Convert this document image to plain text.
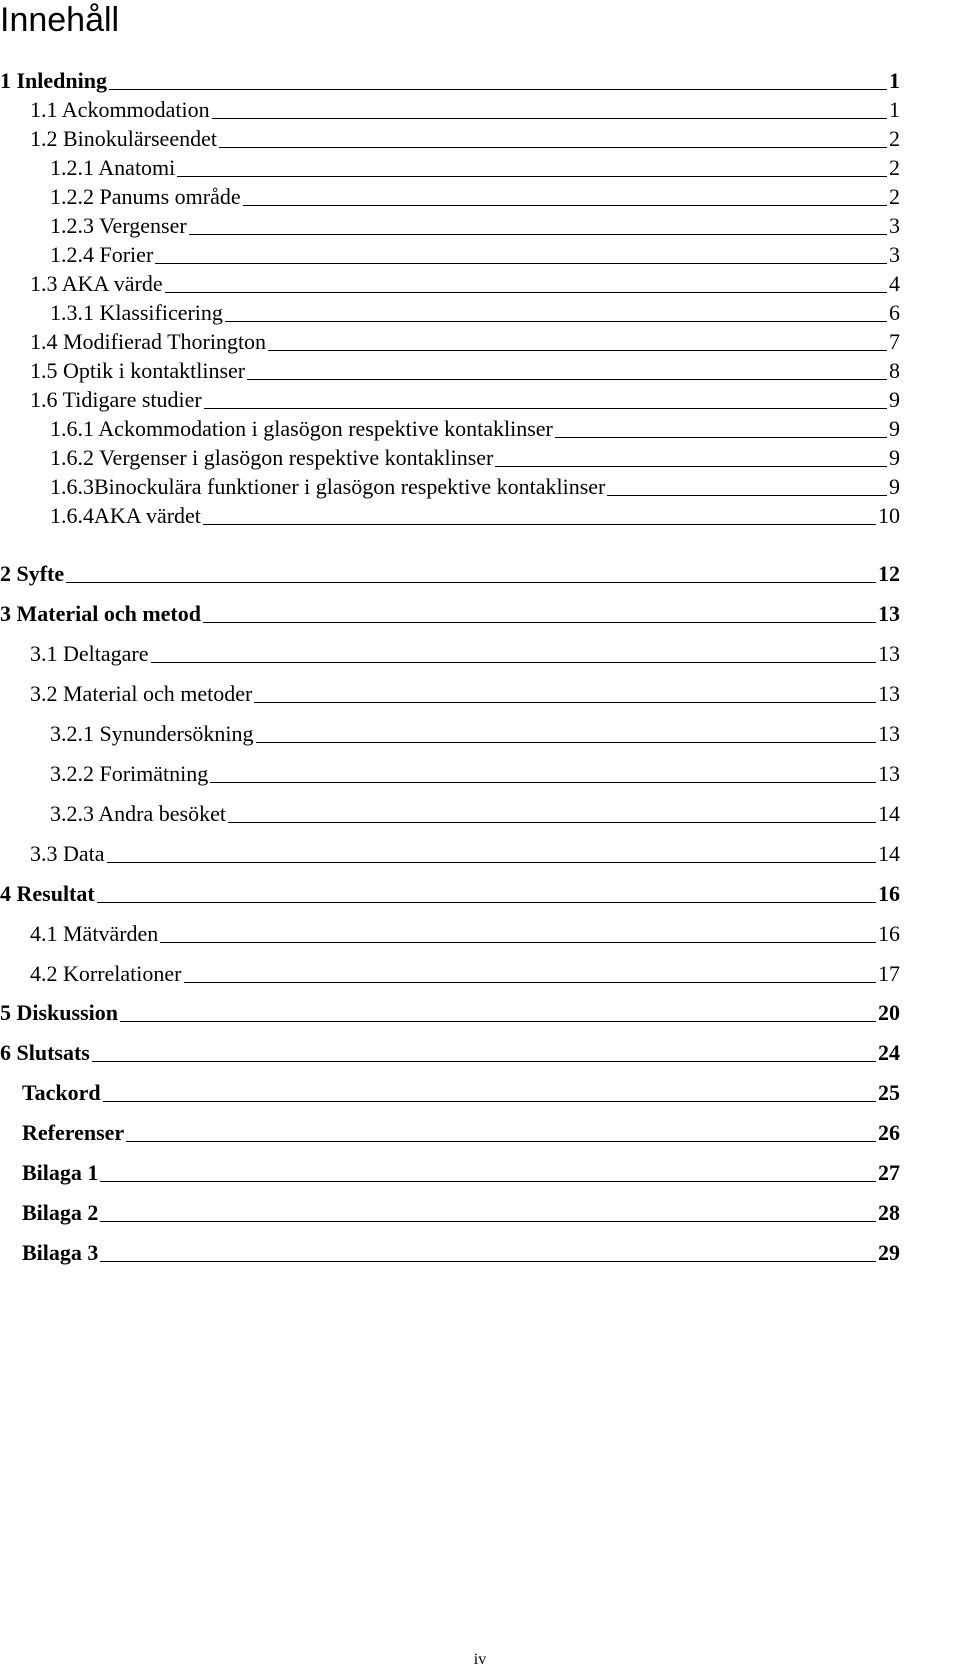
Innehåll
1 Inledning	1
1.1 Ackommodation	1
1.2 Binokulärseendet	2
1.2.1 Anatomi	2
1.2.2 Panums område	2
1.2.3 Vergenser	3
1.2.4 Forier	3
1.3 AKA värde	4
1.3.1 Klassificering	6
1.4 Modifierad Thorington	7
1.5 Optik i kontaktlinser	8
1.6 Tidigare studier	9
1.6.1 Ackommodation i glasögon respektive kontaklinser	9
1.6.2 Vergenser i glasögon respektive kontaklinser	9
1.6.3Binockulära funktioner i glasögon respektive kontaklinser	9
1.6.4AKA värdet	10
2 Syfte	12
3 Material och metod	13
3.1 Deltagare	13
3.2 Material och metoder	13
3.2.1 Synundersökning	13
3.2.2 Forimätning	13
3.2.3 Andra besöket	14
3.3 Data	14
4 Resultat	16
4.1 Mätvärden	16
4.2 Korrelationer	17
5 Diskussion	20
6 Slutsats	24
Tackord	25
Referenser	26
Bilaga 1	27
Bilaga 2	28
Bilaga 3	29
iv
